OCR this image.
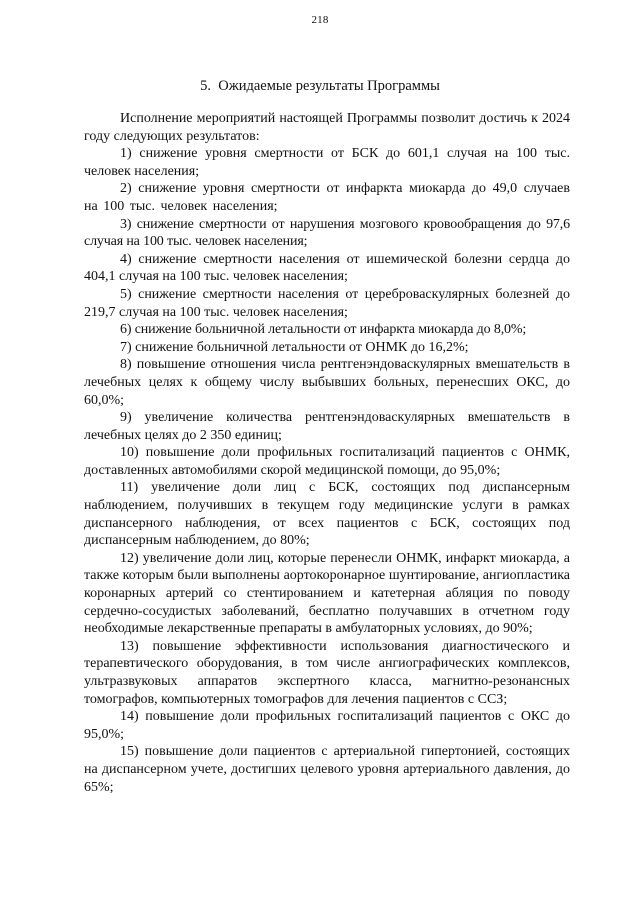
218
5.  Ожидаемые результаты Программы

Исполнение мероприятий настоящей Программы позволит достичь к 2024 году следующих результатов:

1) снижение уровня смертности от БСК до 601,1 случая на 100 тыс. человек населения;

2) снижение уровня смертности от инфаркта миокарда до 49,0 случаев на 100 тыс. человек населения;

3) снижение смертности от нарушения мозгового кровообращения до 97,6 случая на 100 тыс. человек населения;

4) снижение смертности населения от ишемической болезни сердца до 404,1 случая на 100 тыс. человек населения;

5) снижение смертности населения от цереброваскулярных болезней до 219,7 случая на 100 тыс. человек населения;

6) снижение больничной летальности от инфаркта миокарда до 8,0%;

7) снижение больничной летальности от ОНМК до 16,2%;

8) повышение отношения числа рентгенэндоваскулярных вмешательств в лечебных целях к общему числу выбывших больных, перенесших ОКС, до 60,0%;

9) увеличение количества рентгенэндоваскулярных вмешательств в лечебных целях до 2 350 единиц;

10) повышение доли профильных госпитализаций пациентов с ОНМК, доставленных автомобилями скорой медицинской помощи, до 95,0%;

11) увеличение доли лиц с БСК, состоящих под диспансерным наблюдением, получивших в текущем году медицинские услуги в рамках диспансерного наблюдения, от всех пациентов с БСК, состоящих под диспансерным наблюдением, до 80%;

12) увеличение доли лиц, которые перенесли ОНМК, инфаркт миокарда, а также которым были выполнены аортокоронарное шунтирование, ангиопластика коронарных артерий со стентированием и катетерная абляция по поводу сердечно-сосудистых заболеваний, бесплатно получавших в отчетном году необходимые лекарственные препараты в амбулаторных условиях, до 90%;

13) повышение эффективности использования диагностического и терапевтического оборудования, в том числе ангиографических комплексов, ультразвуковых аппаратов экспертного класса, магнитно-резонансных томографов, компьютерных томографов для лечения пациентов с ССЗ;

14) повышение доли профильных госпитализаций пациентов с ОКС до 95,0%;

15) повышение доли пациентов с артериальной гипертонией, состоящих на диспансерном учете, достигших целевого уровня артериального давления, до 65%;
